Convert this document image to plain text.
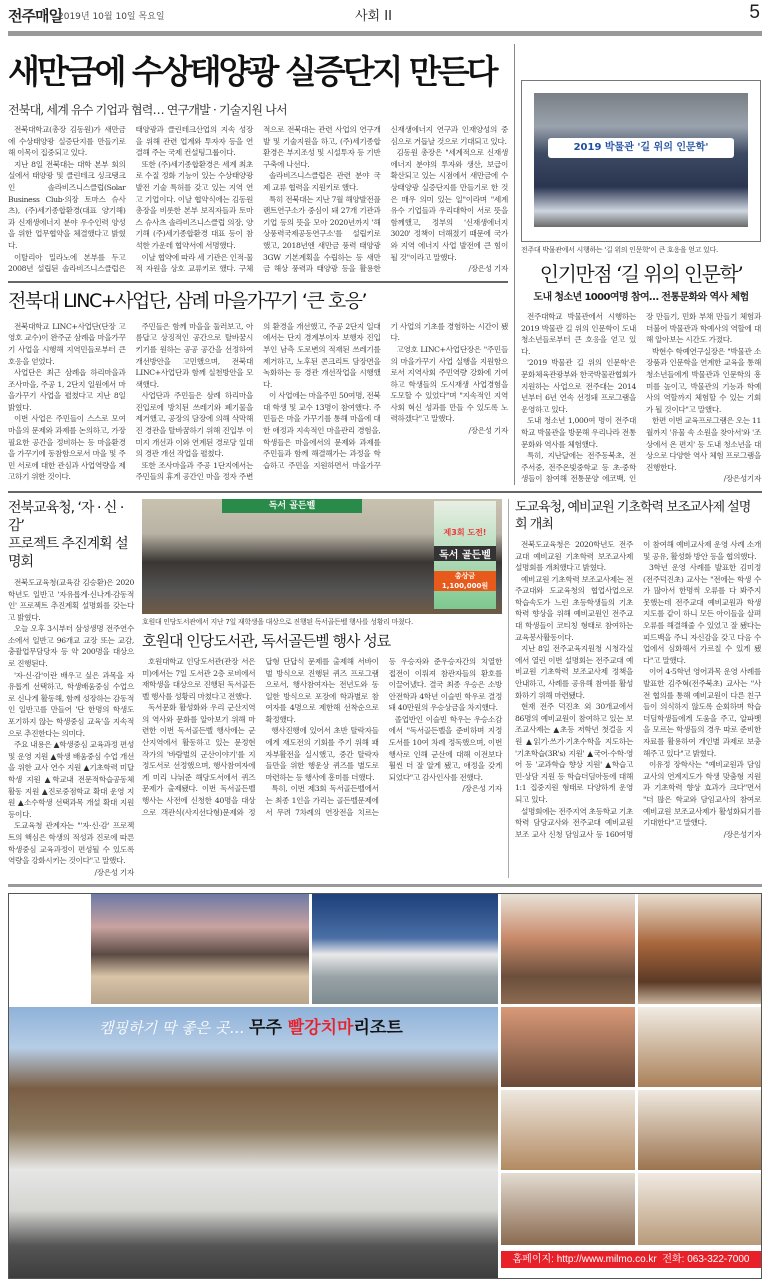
전주매일
2019년 10월 10일 목요일	사회 II	5
새만금에 수상태양광 실증단지 만든다
전북대, 세계 유수 기업과 협력… 연구개발 · 기술지원 나서

전북대학교(총장 김동원)가 새만금에 수상태양광 실증단지를 만들기로 해 이목이 집중되고 있다.

지난 8일 전북대는 대학 본부 회의실에서 태양광 및 클린테크 싱크탱크인 솔라비즈니스클럽(Solar Business Club·의장 토마스 슈사츠), (주)세기종합환경(대표 양기해)과 신재생에너지 분야 우수인력 양성을 위한 업무협약을 체결했다고 밝혔다.

이탈리아 밀라노에 본부를 두고 2008년 설립된 솔라비즈니스클럽은 태양광과 클린테크산업의 지속 성장을 위해 관련 업계와 투자자 등을 연결해 주는 국제 컨설팅그룹이다.

또한 (주)세기종합환경은 세계 최초로 수질 정화 기능이 있는 수상태양광 발전 기술 특허를 갖고 있는 지역 연고 기업이다. 이날 협약식에는 김동원 총장을 비롯한 본부 보직자들과 토마스 슈사츠 솔라비즈니스클럽 의장, 양기해 (주)세기종합환경 대표 등이 참석한 가운데 협약서에 서명했다.

이날 협약에 따라 세 기관은 인적·물적 자원을 상호 교류키로 했다. 구체적으로 전북대는 관련 사업의 연구개발 및 기술지원을 하고, (주)세기종합환경은 부지조성 및 시설투자 등 기반 구축에 나선다.

솔라비즈니스클럽은 관련 분야 국제 교류 협력을 지원키로 했다.

특히 전북대는 지난 7월 해양발전플랜트연구소가 중심이 돼 27개 기관과 기업 등의 뜻을 모아 2020년까지 '해상풍력국제공동연구소'를 설립키로 했고, 2018년엔 새만금 풍력 태양광 3GW 기본계획을 수립하는 등 새만금 해상 풍력과 태양광 등을 활용한 신재생에너지 연구과 인재양성의 중심으로 거듭날 것으로 기대되고 있다.

김동원 총장은 "세계적으로 신재생에너지 분야의 투자와 생산, 보급이 확산되고 있는 시점에서 새만금에 수상태양광 실증단지를 만들기로 한 것은 매우 의미 있는 일"이라며 "세계 유수 기업들과 우리대학이 서로 뜻을 함께했고, 정부의 '신재생에너지 3020' 정책이 더해졌기 때문에 국가와 지역 에너지 사업 발전에 큰 힘이 될 것"이라고 말했다.

/장은성 기자

전북대 LINC+사업단, 삼례 마을가꾸기 ‘큰 호응’

전북대학교 LINC+사업단(단장 고영호 교수)이 완주군 삼례읍 마을가꾸기 사업을 시행해 지역민들로부터 큰 호응을 얻었다.

사업단은 최근 삼례읍 하리마을과 조사마을, 주공 1, 2단지 일원에서 마을가꾸기 사업을 펼쳤다고 지난 8일 밝혔다.

이번 사업은 주민들이 스스로 모여 마을의 문제와 과제를 논의하고, 가장 필요한 공간을 정비하는 등 마을환경을 가꾸기에 동참함으로서 마을 및 주민 서로에 대한 관심과 사업역량을 제고하기 위한 것이다.

주민들은 함께 마을을 둘러보고, 아름답고 상징적인 공간으로 탈바꿈시키기를 원하는 공공 공간을 선정하여 개선방안을 고민했으며, 전북대 LINC+사업단과 함께 실천방안을 모색했다.

사업단과 주민들은 삼례 하리마을 진입로에 방치된 쓰레기와 폐기물을 제거했고, 공장의 담장에 의해 삭막해진 경관을 탈바꿈하기 위해 진입부 이미지 개선과 이와 연계된 경로당 일대의 경관 개선 작업을 펼쳤다.

또한 조사마을과 주공 1단지에서는 주민들의 휴게 공간인 마을 정자 주변의 환경을 개선했고, 주공 2단지 일대에서는 단지 경계부이자 보행자 진입부인 남측 도로변의 적재된 쓰레기를 제거하고, 노후된 콘크리트 담장면을 녹화하는 등 경관 개선작업을 시행했다.

이 사업에는 마을주민 50여명, 전북대 학생 및 교수 13명이 참여했다. 주민들은 마을 가꾸기를 통해 마을에 대한 애정과 지속적인 마을관리 경험을, 학생들은 마을에서의 문제와 과제를 주민들과 함께 해결해가는 과정을 학습하고 주민을 지원하면서 마을가꾸기 사업의 기초를 경험하는 시간이 됐다.

고영호 LINC+사업단장은 "주민들의 마을가꾸기 사업 실행을 지원함으로서 지역사회 주민역량 강화에 기여하고 학생들의 도시재생 사업경험을 도모할 수 있었다"며 "지속적인 지역사회 혁신 성과를 만들 수 있도록 노력하겠다"고 말했다.

/장은성 기자

2019 박물관 '길 위의 인문학'
전주대 박물관에서 시행하는 '길 위의 인문학'이 큰 호응을 얻고 있다.
인기만점 ‘길 위의 인문학’
도내 청소년 1000여명 참여… 전통문화와 역사 체험

전주대학교 박물관에서 시행하는 2019 박물관 길 위의 인문학이 도내 청소년들로부터 큰 호응을 얻고 있다.

'2019 박물관 길 위의 인문학'은 문화체육관광부와 한국박물관협회가 지원하는 사업으로 전주대는 2014년부터 6년 연속 선정돼 프로그램을 운영하고 있다.

도내 청소년 1,000여 명이 전주대학교 박물관을 방문해 우리나라 전통문화와 역사를 체험했다.

특히, 지난달에는 전주동북초, 전주서중, 전주온빛중학교 등 초·중학생들이 참여해 전통문양 에코백, 인장 만들기, 민화 부채 만들기 체험과 더불어 박물관과 학예사의 역할에 대해 알아보는 시간도 가졌다.

박현수 학예연구실장은 "박물관 소장품과 인문학을 연계한 교육을 통해 청소년들에게 박물관과 인문학의 흥미를 높이고, 박물관의 기능과 학예사의 역할까지 체험할 수 있는 기회가 될 것이다"고 말했다.

한편 이번 교육프로그램은 오는 11월까지 '유물 속 소원을 찾아서'와 '조상에서 온 편지' 등 도내 청소년을 대상으로 다양한 역사 체험 프로그램을 진행한다.

/장은성기자

전북교육청, ‘자 · 신 · 감’
프로젝트 추진계획 설명회

전북도교육청(교육감 김승환)은 2020학년도 일반고 '자유롭게·신나게·감동적인' 프로젝트 추진계획 설명회를 갖는다고 밝혔다.

오늘 오후 3시부터 삼성생명 전주연수소에서 일반고 96개교 교장 또는 교감, 충괄업무담당자 등 약 200명을 대상으로 진행된다.

'자·신·감'이란 배우고 싶은 과목을 자유롭게 선택하고, 학생배움중심 수업으로 신나게 활동해, 함께 성장하는 감동적인 일반고를 만들어 '단 한명의 학생도 포기하지 않는 학생중심 교육'을 지속적으로 추진한다는 의미다.

주요 내용은 ▲학생중심 교육과정 편성 및 운영 지원 ▲학생 배움중심 수업 개선을 위한 교사 연수 지원 ▲기초학력 미달학생 지원 ▲학교내 전문적학습공동체 활동 지원 ▲진로중점학교 확대 운영 지원 ▲소수학생 선택과목 개설 확대 지원 등이다.

도교육청 관계자는 "'자·신·감' 프로젝트의 핵심은 학생의 적성과 진로에 따른 학생중심 교육과정이 편성될 수 있도록 역량을 강화시키는 것이다"고 말했다.

/장은성 기자

독서 골든벨
제3회 도전!
독서 골든벨
총상금 1,100,000원
호원대 인당도서관에서 지난 7일 재학생을 대상으로 진행된 독서골든벨 행사를 성황리 마쳤다.
호원대 인당도서관, 독서골든벨 행사 성료

호원대학교 인당도서관(관장 서은미)에서는 7일 도서관 2층 로비에서 재학생을 대상으로 진행된 독서골든벨 행사를 성황리 마쳤다고 전했다.

독서문화 활성화와 우리 군산지역의 역사와 문화를 알아보기 위해 마련한 이번 독서골든벨 행사에는 군산지역에서 활동하고 있는 문정현 작가의 '바람벌의 군산이야기'를 지정도서로 선정했으며, 행사참여자에게 미리 나눠준 해당도서에서 퀴즈문제가 출제됐다. 이번 독서골든벨 행사는 사전에 신청한 40명을 대상으로 객관식(사지선다형)문제와 정답형 단답식 문제를 출제해 서바이벌 방식으로 진행된 퀴즈 프로그램으로서, 행사참여자는 전년도와 동일한 방식으로 포장에 학과별로 참여자를 4명으로 제한해 선착순으로 확정했다.

행사진행에 있어서 초반 탈락자들에게 재도전의 기회를 주기 위해 패자부활전을 실시했고, 중간 탈락자들만을 위한 행운상 퀴즈를 별도로 마련하는 등 행사에 흥미를 더했다.

특히, 이번 제3회 독서골든벨에서는 최종 1인을 가리는 골든벨문제에서 무려 7차례의 연장전을 치르는 등 우승자와 준우승자간의 치열한 접전이 이뤄져 참관자들의 환호를 이끌어냈다. 결국 최종 우승은 소방안전학과 4학년 이슬빈 학우로 결정돼 40만원의 우승상금을 차지했다.

졸업반인 이슬빈 학우는 우승소감에서 "독서골든벨을 준비하며 지정도서를 10여 차례 정독했으며, 이번 행사로 인해 군산에 대해 이전보다 훨씬 더 잘 알게 됐고, 애정을 갖게 되었다"고 감사인사를 전했다.

/장은성 기자

도교육청, 예비교원 기초학력 보조교사제 설명회 개최

전북도교육청은 2020학년도 전주교대 예비교원 기초학력 보조교사제 설명회를 개최했다고 밝혔다.

예비교원 기초학력 보조교사제는 전주교대와 도교육청의 협업사업으로 학습속도가 느린 초등학생들의 기초학력 향상을 위해 예비교원인 전주교대 학생들이 코티칭 형태로 참여하는 교육봉사활동이다.

지난 8일 전주교육지원청 시청각실에서 열린 이번 설명회는 전주교대 예비교원 기초학력 보조교사제 정책을 안내하고, 사례를 공유해 참여를 활성화하기 위해 마련됐다.

현재 전주 덕진초 외 30개교에서 86명의 예비교원이 참여하고 있는 보조교사제는 ▲초등 저학년 첫걸음 지원 ▲읽기·쓰기·기초수학을 지도하는 '기초학습(3R's) 지원' ▲국어·수학·영어 등 '교과학습 향상 지원' ▲학습고민·상담 지원 등 학습더딤아동에 대해 1:1 집중지원 형태로 다양하게 운영되고 있다.

설명회에는 전주지역 초등학교 기초학력 담당교사와 전주교대 예비교원 보조 교사 신청 담임교사 등 160여명이 참여해 예비교사제 운영 사례 소개 및 공유, 활성화 방안 등을 협의했다.

3학년 운영 사례를 발표한 김미정(전주덕진초) 교사는 "전에는 학생 수가 많아서 한명씩 오류를 다 봐주지 못했는데 전주교대 예비교원과 학생 지도를 같이 하니 모든 아이들을 살펴 오류를 해결해줄 수 있었고 잘 됐다는 피드백을 주니 자신감을 갖고 다음 수업에서 심화해서 가르칠 수 있게 됐다"고 말했다.

이어 4·5학년 영어과목 운영 사례를 발표한 김주혁(전주북초) 교사는 "사전 협의를 통해 예비교원이 다른 친구들이 의식하지 않도록 순회하며 학습더딤학생들에게 도움을 주고, 알파벳을 모르는 학생들의 경우 따로 준비한 자료를 활용하여 개인별 과제로 보충해주고 있다"고 밝혔다.

이유정 장학사는 "예비교원과 담임교사의 연계지도가 학생 맞춤형 지원과 기초학력 향상 효과가 크다"면서 "더 많은 학교와 담임교사의 참여로 예비교원 보조교사제가 활성화되기를 기대한다"고 말했다.

/장은성기자

캠핑하기 딱 좋은 곳… 무주 빨강치마리조트
홈페이지: http://www.milmo.co.kr 전화: 063-322-7000
